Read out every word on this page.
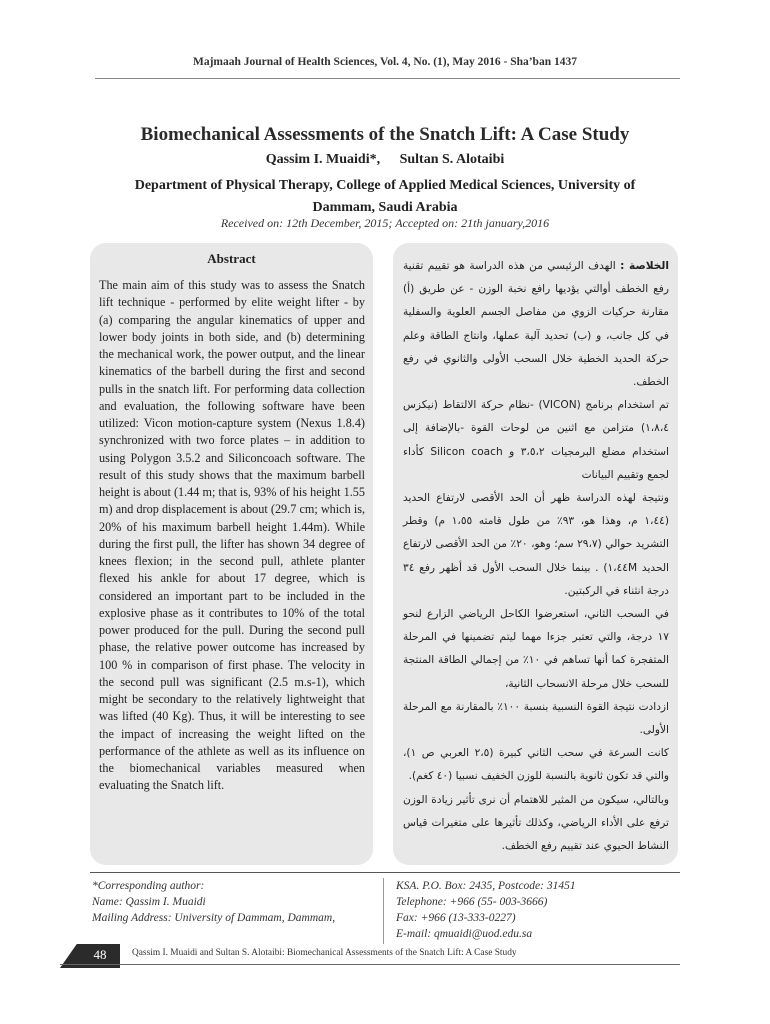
Majmaah Journal of Health Sciences, Vol. 4, No. (1), May 2016 - Sha’ban 1437
Biomechanical Assessments of the Snatch Lift: A Case Study
Qassim I. Muaidi*, Sultan S. Alotaibi
Department of Physical Therapy, College of Applied Medical Sciences, University of Dammam, Saudi Arabia
Received on: 12th December, 2015; Accepted on: 21th january,2016
Abstract

The main aim of this study was to assess the Snatch lift technique - performed by elite weight lifter - by (a) comparing the angular kinematics of upper and lower body joints in both side, and (b) determining the mechanical work, the power output, and the linear kinematics of the barbell during the first and second pulls in the snatch lift. For performing data collection and evaluation, the following software have been utilized: Vicon motion-capture system (Nexus 1.8.4) synchronized with two force plates – in addition to using Polygon 3.5.2 and Siliconcoach software. The result of this study shows that the maximum barbell height is about (1.44 m; that is, 93% of his height 1.55 m) and drop displacement is about (29.7 cm; which is, 20% of his maximum barbell height 1.44m). While during the first pull, the lifter has shown 34 degree of knees flexion; in the second pull, athlete planter flexed his ankle for about 17 degree, which is considered an important part to be included in the explosive phase as it contributes to 10% of the total power produced for the pull. During the second pull phase, the relative power outcome has increased by 100 % in comparison of first phase. The velocity in the second pull was significant (2.5 m.s-1), which might be secondary to the relatively lightweight that was lifted (40 Kg). Thus, it will be interesting to see the impact of increasing the weight lifted on the performance of the athlete as well as its influence on the biomechanical variables measured when evaluating the Snatch lift.

الخلاصة : الهدف الرئيسي من هذه الدراسة هو تقييم تقنية رفع الخطف أوالتي يؤديها رافع نخبة الوزن - عن طريق (أ) مقارنة حركيات الزوي من مفاصل الجسم العلوية والسفلية في كل جانب، و (ب) تحديد آلية عملها، وانتاج الطاقة وعلم حركة الحديد الخطية خلال السحب الأولى والثانوي في رفع الخطف.
تم استخدام برنامج (VICON) -نظام حركة الالتقاط (نيكزس ١،٨،٤) متزامن مع اثنين من لوحات القوة -بالإضافة إلى استخدام مضلع البرمجيات ٣،٥،٢ و Silicon coach كأداء لجمع وتقييم البيانات
ونتيجة لهذه الدراسة ظهر أن الحد الأقصى لارتفاع الحديد (١،٤٤ م، وهذا هو، ٩٣٪ من طول قامته ١،٥٥ م) وقطر التشريد حوالي (٢٩،٧ سم؛ وهو، ٢٠٪ من الحد الأقصى لارتفاع الحديد ١،٤٤M) . بينما خلال السحب الأول قد أظهر رفع ٣٤ درجة انثناء في الركبتين.
في السحب الثاني، استعرضوا الكاحل الرياضي الزارع لنحو ١٧ درجة، والتي تعتبر جزءا مهما ليتم تضمينها في المرحلة المتفجرة كما أنها تساهم في ١٠٪ من إجمالي الطاقة المنتجة للسحب خلال مرحلة الانسحاب الثانية،
ازدادت نتيجة القوة النسبية بنسبة ١٠٠٪ بالمقارنة مع المرحلة الأولى.
كانت السرعة في سحب الثاني كبيرة (٢،٥ العربي ص ١)، والتي قد تكون ثانوية بالنسبة للوزن الخفيف نسبيا (٤٠ كغم).
وبالتالي، سيكون من المثير للاهتمام أن نرى تأثير زيادة الوزن ترفع على الأداء الرياضي، وكذلك تأثيرها على متغيرات قياس النشاط الحيوي عند تقييم رفع الخطف.
*Corresponding author:
Name: Qassim I. Muaidi
Mailing Address: University of Dammam, Dammam,
KSA. P.O. Box: 2435, Postcode: 31451
Telephone: +966 (55- 003-3666)
Fax: +966 (13-333-0227)
E-mail: qmuaidi@uod.edu.sa
48	Qassim I. Muaidi and Sultan S. Alotaibi: Biomechanical Assessments of the Snatch Lift: A Case Study
